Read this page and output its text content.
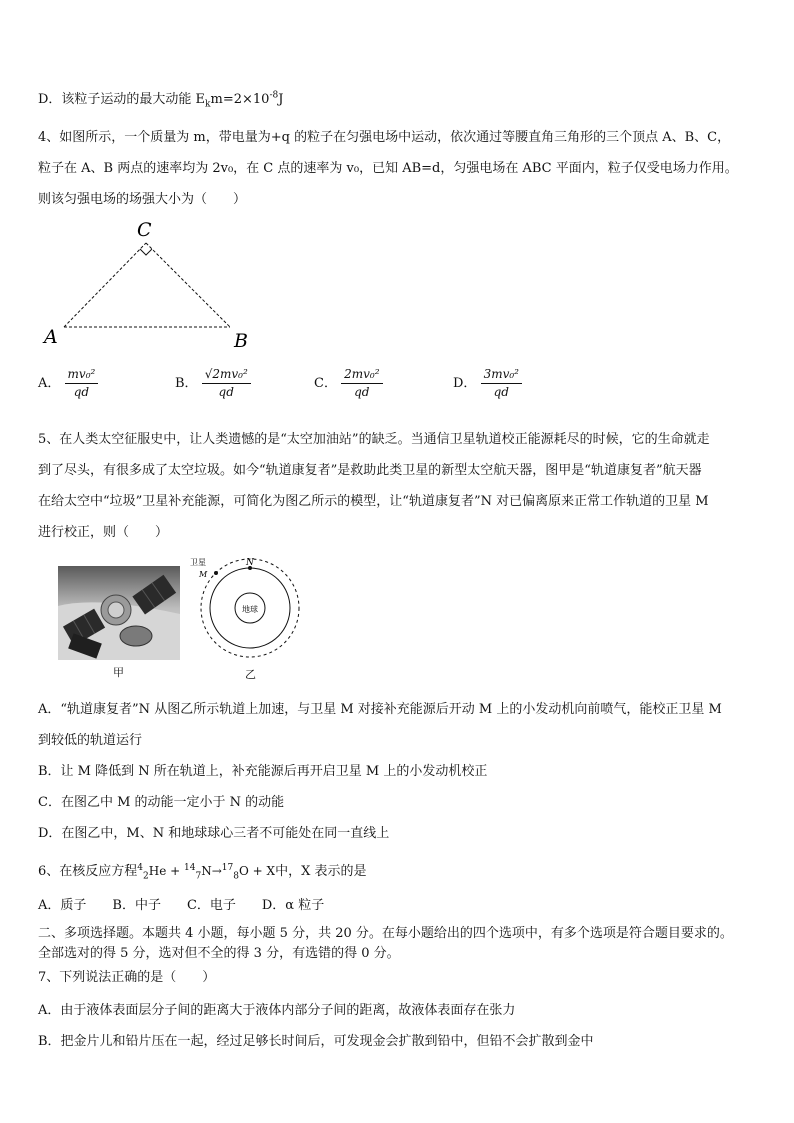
D．该粒子运动的最大动能 $E_km=2\times 10^{-8}J$
4、如图所示，一个质量为 m，带电量为+q 的粒子在匀强电场中运动，依次通过等腰直角三角形的三个顶点 A、B、C，
粒子在 A、B 两点的速率均为 2v₀，在 C 点的速率为 v₀，已知 AB=d，匀强电场在 ABC 平面内，粒子仅受电场力作用。
则该匀强电场的场强大小为（　　）
C
A	B
A． $\frac{\text{mv₀²}}{qd}$	B． $\frac{\text{√2mv₀²}}{qd}$	C． $\frac{\text{2mv₀²}}{qd}$	D． $\frac{\text{3mv₀²}}{qd}$
5、在人类太空征服史中，让人类遗憾的是“太空加油站”的缺乏。当通信卫星轨道校正能源耗尽的时候，它的生命就走
到了尽头，有很多成了太空垃圾。如今“轨道康复者”是救助此类卫星的新型太空航天器，图甲是“轨道康复者”航天器
在给太空中“垃圾”卫星补充能源，可简化为图乙所示的模型，让“轨道康复者”N 对已偏离原来正常工作轨道的卫星 M
进行校正，则（　　）
甲
地球
N
卫星
M
乙
A．“轨道康复者”N 从图乙所示轨道上加速，与卫星 M 对接补充能源后开动 M 上的小发动机向前喷气，能校正卫星 M
到较低的轨道运行
B．让 M 降低到 N 所在轨道上，补充能源后再开启卫星 M 上的小发动机校正
C．在图乙中 M 的动能一定小于 N 的动能
D．在图乙中，M、N 和地球球心三者不可能处在同一直线上
6、在核反应方程$^4_2$He + $^{14}_7$N→$^{17}_8$O + X中，X 表示的是
A．质子　　B．中子　　C．电子　　D．α 粒子
二、多项选择题。本题共 4 小题，每小题 5 分，共 20 分。在每小题给出的四个选项中，有多个选项是符合题目要求的。
全部选对的得 5 分，选对但不全的得 3 分，有选错的得 0 分。
7、下列说法正确的是（　　）
A．由于液体表面层分子间的距离大于液体内部分子间的距离，故液体表面存在张力
B．把金片儿和铅片压在一起，经过足够长时间后，可发现金会扩散到铅中，但铅不会扩散到金中
